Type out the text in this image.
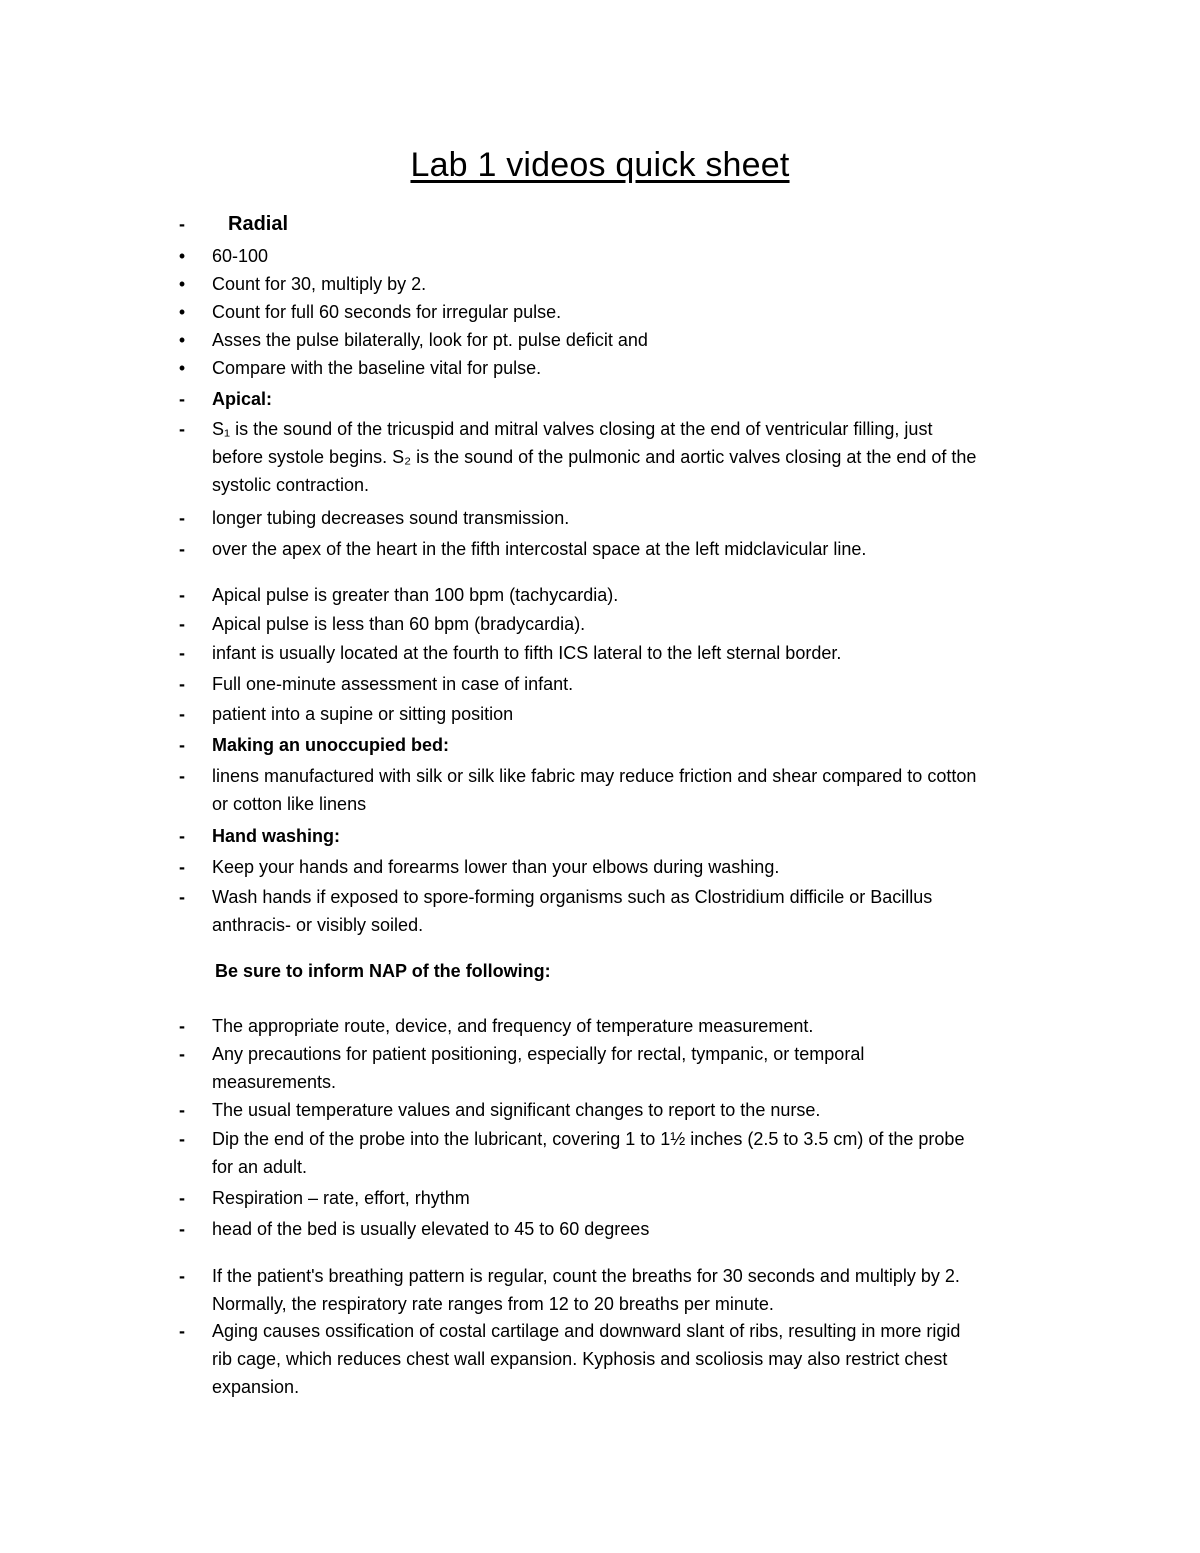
Lab 1 videos quick sheet
-	Radial
•	60-100
•	Count for 30, multiply by 2.
•	Count for full 60 seconds for irregular pulse.
•	Asses the pulse bilaterally, look for pt. pulse deficit and
•	Compare with the baseline vital for pulse.
-	Apical:
-	S₁ is the sound of the tricuspid and mitral valves closing at the end of ventricular filling, just
before systole begins. S₂ is the sound of the pulmonic and aortic valves closing at the end of the
systolic contraction.
-	longer tubing decreases sound transmission.
-	over the apex of the heart in the fifth intercostal space at the left midclavicular line.
-	Apical pulse is greater than 100 bpm (tachycardia).
-	Apical pulse is less than 60 bpm (bradycardia).
-	infant is usually located at the fourth to fifth ICS lateral to the left sternal border.
-	Full one-minute assessment in case of infant.
-	patient into a supine or sitting position
-	Making an unoccupied bed:
-	linens manufactured with silk or silk like fabric may reduce friction and shear compared to cotton
or cotton like linens
-	Hand washing:
-	Keep your hands and forearms lower than your elbows during washing.
-	Wash hands if exposed to spore-forming organisms such as Clostridium difficile or Bacillus
anthracis- or visibly soiled.
Be sure to inform NAP of the following:
-	The appropriate route, device, and frequency of temperature measurement.
-	Any precautions for patient positioning, especially for rectal, tympanic, or temporal
measurements.
-	The usual temperature values and significant changes to report to the nurse.
-	Dip the end of the probe into the lubricant, covering 1 to 1½ inches (2.5 to 3.5 cm) of the probe
for an adult.
-	Respiration – rate, effort, rhythm
-	head of the bed is usually elevated to 45 to 60 degrees
-	If the patient's breathing pattern is regular, count the breaths for 30 seconds and multiply by 2.
Normally, the respiratory rate ranges from 12 to 20 breaths per minute.
-	Aging causes ossification of costal cartilage and downward slant of ribs, resulting in more rigid
rib cage, which reduces chest wall expansion. Kyphosis and scoliosis may also restrict chest
expansion.
